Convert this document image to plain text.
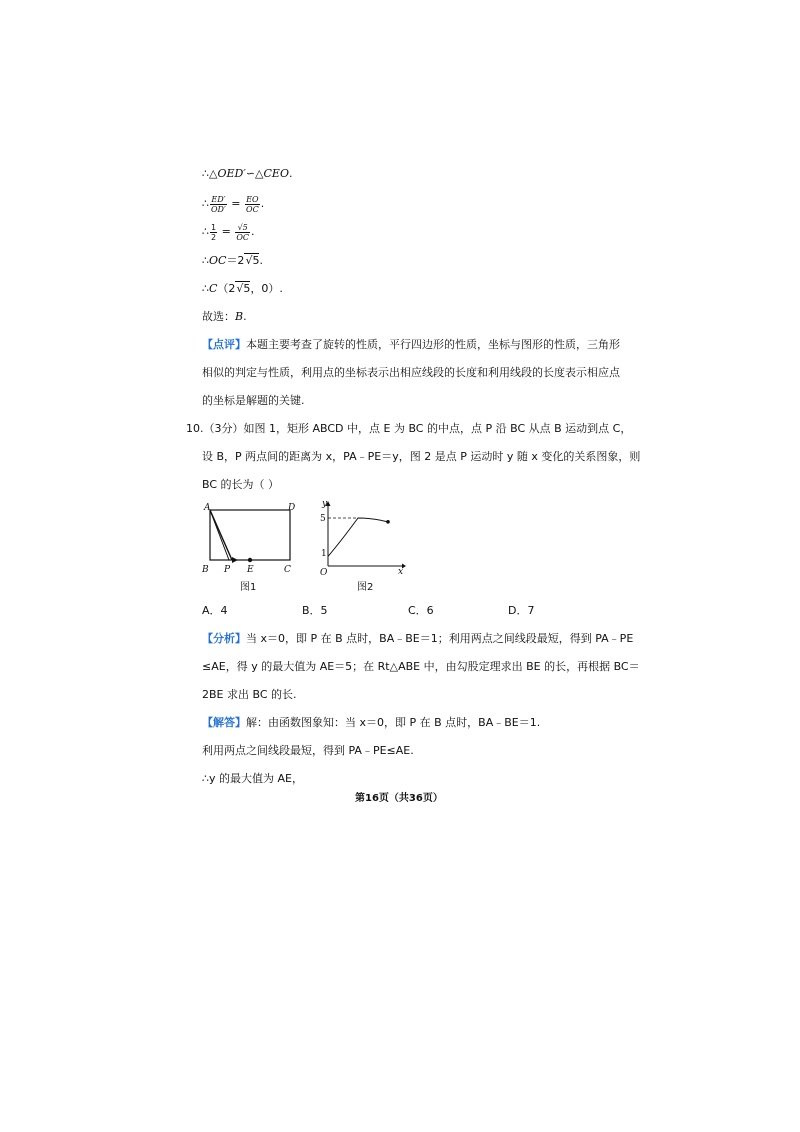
∴△OED′∽△CEO.
∴ $\frac{ED'}{OD'} = \frac{EO}{OC}$ .
∴ $\frac{1}{2} = \frac{√5}{OC}$ .
∴OC＝2√5.
∴C（2√5，0）.
故选：B.
【点评】本题主要考查了旋转的性质，平行四边形的性质，坐标与图形的性质，三角形
相似的判定与性质，利用点的坐标表示出相应线段的长度和利用线段的长度表示相应点
的坐标是解题的关键.
10.（3分）如图 1，矩形 ABCD 中，点 E 为 BC 的中点，点 P 沿 BC 从点 B 运动到点 C，
设 B，P 两点间的距离为 x，PA﹣PE＝y，图 2 是点 P 运动时 y 随 x 变化的关系图象，则
BC 的长为（ ）
A	D
B P E	C
图1
y
x
O
5
1
图2
A．4	B．5	C．6	D．7
【分析】当 x＝0，即 P 在 B 点时，BA﹣BE＝1；利用两点之间线段最短，得到 PA﹣PE
≤AE，得 y 的最大值为 AE＝5；在 Rt△ABE 中，由勾股定理求出 BE 的长，再根据 BC＝
2BE 求出 BC 的长.
【解答】解：由函数图象知：当 x＝0，即 P 在 B 点时，BA﹣BE＝1.
利用两点之间线段最短，得到 PA﹣PE≤AE.
∴y 的最大值为 AE，
第16页（共36页）
